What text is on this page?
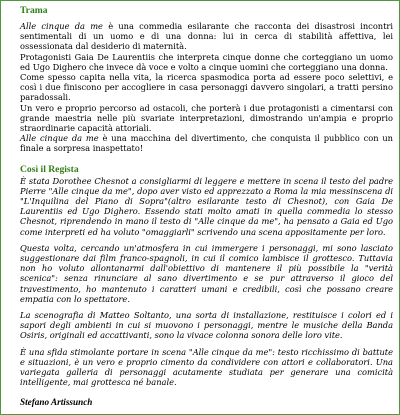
Trama

Alle cinque da me è una commedia esilarante che racconta dei disastrosi incontri sentimentali di un uomo e di una donna: lui in cerca di stabilità affettiva, lei ossessionata dal desiderio di maternità.

Protagonisti Gaia De Laurentiis che interpreta cinque donne che corteggiano un uomo ed Ugo Dighero che invece dà voce e volto a cinque uomini che corteggiano una donna.

Come spesso capita nella vita, la ricerca spasmodica porta ad essere poco selettivi, e così i due finiscono per accogliere in casa personaggi davvero singolari, a tratti persino paradossali.

Un vero e proprio percorso ad ostacoli, che porterà i due protagonisti a cimentarsi con grande maestria nelle più svariate interpretazioni, dimostrando un'ampia e proprio straordinarie capacità attoriali.

Alle cinque da me è una macchina del divertimento, che conquista il pubblico con un finale a sorpresa inaspettato!

Così il Regista

È stata Dorothee Chesnot a consigliarmi di leggere e mettere in scena il testo del padre Pierre "Alle cinque da me", dopo aver visto ed apprezzato a Roma la mia messinscena di "L'Inquilina del Piano di Sopra"(altro esilarante testo di Chesnot), con Gaia De Laurentiis ed Ugo Dighero. Essendo stati molto amati in quella commedia lo stesso Chesnot, riprendendo in mano il testo di "Alle cinque da me", ha pensato a Gaia ed Ugo come interpreti ed ha voluto "omaggiarli" scrivendo una scena appositamente per loro.

Questa volta, cercando un'atmosfera in cui immergere i personaggi, mi sono lasciato suggestionare dai film franco-spagnoli, in cui il comico lambisce il grottesco. Tuttavia non ho voluto allontanarmi dall'obiettivo di mantenere il più possibile la "verità scenica": senza rinunciare al sano divertimento e se pur attraverso il gioco del travestimento, ho mantenuto i caratteri umani e credibili, così che possano creare empatia con lo spettatore.

La scenografia di Matteo Soltanto, una sorta di installazione, restituisce i colori ed i sapori degli ambienti in cui si muovono i personaggi, mentre le musiche della Banda Osiris, originali ed accattivanti, sono la vivace colonna sonora delle loro vite.

È una sfida stimolante portare in scena "Alle cinque da me": testo ricchissimo di battute e situazioni, è un vero e proprio cimento da condividere con attori e collaboratori. Una variegata galleria di personaggi acutamente studiata per generare una comicità intelligente, mai grottesca né banale.

Stefano Artissunch
